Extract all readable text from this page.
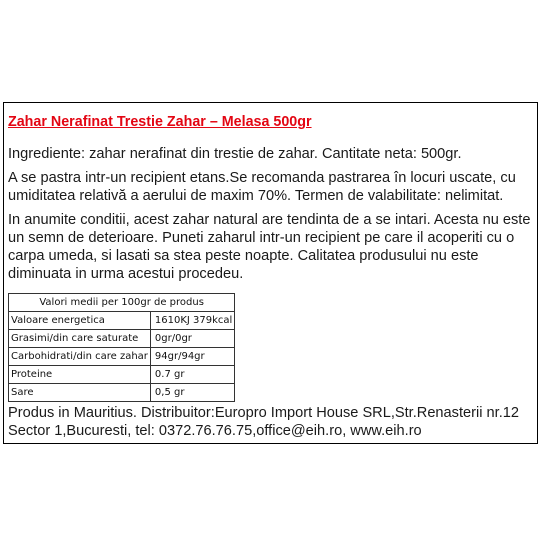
Zahar Nerafinat Trestie Zahar – Melasa 500gr

Ingrediente: zahar nerafinat din trestie de zahar. Cantitate neta: 500gr.

A se pastra intr-un recipient etans.Se recomanda pastrarea în locuri uscate, cu umiditatea relativă a aerului de maxim 70%. Termen de valabilitate: nelimitat.

In anumite conditii, acest zahar natural are tendinta de a se intari. Acesta nu este un semn de deterioare. Puneti zaharul intr-un recipient pe care il acoperiti cu o carpa umeda, si lasati sa stea peste noapte. Calitatea produsului nu este diminuata in urma acestui procedeu.

Valori medii per 100gr de produs	
Valoare energetica	1610KJ 379kcal
Grasimi/din care saturate	0gr/0gr
Carbohidrati/din care zahar	94gr/94gr
Proteine	0.7 gr
Sare	0,5 gr

Produs in Mauritius. Distribuitor:Europro Import House SRL,Str.Renasterii nr.12 Sector 1,Bucuresti, tel: 0372.76.76.75,office@eih.ro, www.eih.ro
